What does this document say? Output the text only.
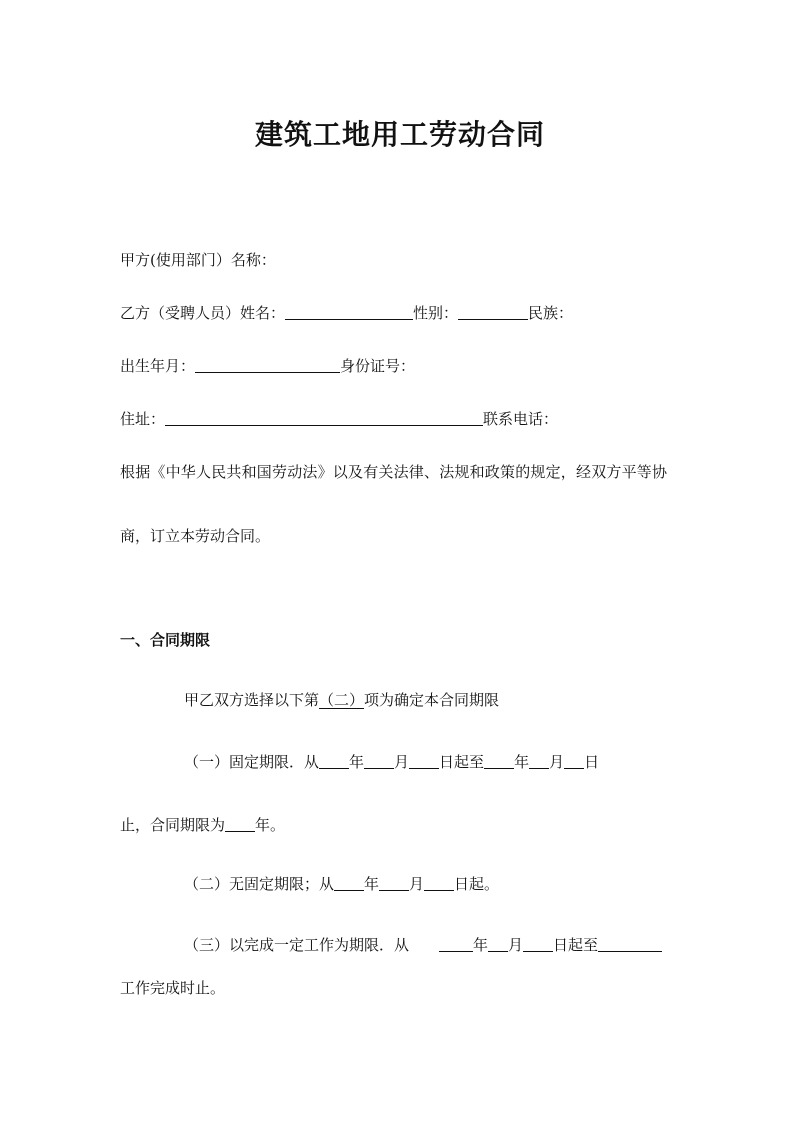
建筑工地用工劳动合同
甲方(使用部门）名称：
乙方（受聘人员）姓名：	性别：	民族：
出生年月：	身份证号：
住址：	联系电话：
根据《中华人民共和国劳动法》以及有关法律、法规和政策的规定，经双方平等协
商，订立本劳动合同。
一、合同期限
甲乙双方选择以下第（二）项为确定本合同期限
（一）固定期限．从 年 月 日起至 年 月 日
止，合同期限为 年。
（二）无固定期限；从 年 月 日起。
（三）以完成一定工作为期限．从	年 月 日起至
工作完成时止。
